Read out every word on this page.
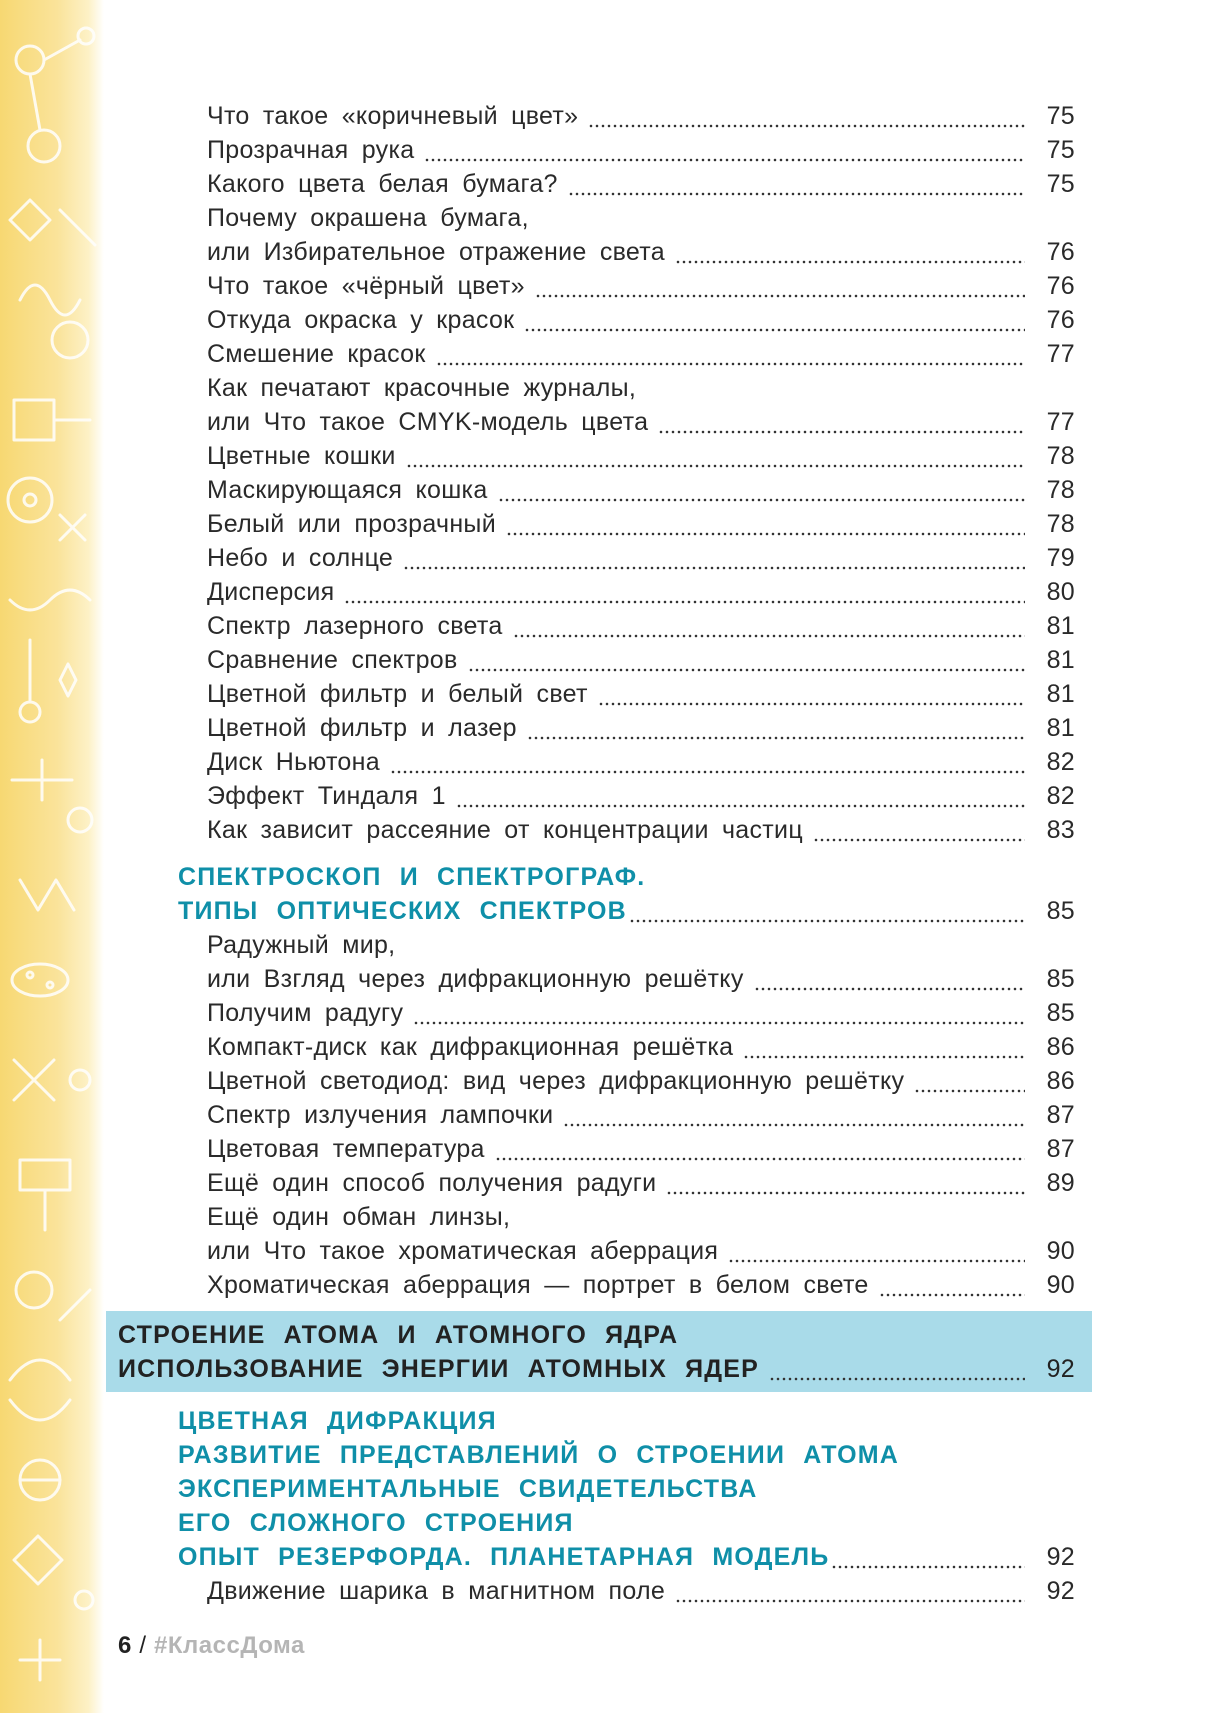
Что такое «коричневый цвет»	75
Прозрачная рука	75
Какого цвета белая бумага?	75
Почему окрашена бумага,
или Избирательное отражение света	76
Что такое «чёрный цвет»	76
Откуда окраска у красок	76
Смешение красок	77
Как печатают красочные журналы,
или Что такое CMYK-модель цвета	77
Цветные кошки	78
Маскирующаяся кошка	78
Белый или прозрачный	78
Небо и солнце	79
Дисперсия	80
Спектр лазерного света	81
Сравнение спектров	81
Цветной фильтр и белый свет	81
Цветной фильтр и лазер	81
Диск Ньютона	82
Эффект Тиндаля 1	82
Как зависит рассеяние от концентрации частиц	83
СПЕКТРОСКОП И СПЕКТРОГРАФ.
ТИПЫ ОПТИЧЕСКИХ СПЕКТРОВ	85
Радужный мир,
или Взгляд через дифракционную решётку	85
Получим радугу	85
Компакт-диск как дифракционная решётка	86
Цветной светодиод: вид через дифракционную решётку	86
Спектр излучения лампочки	87
Цветовая температура	87
Ещё один способ получения радуги	89
Ещё один обман линзы,
или Что такое хроматическая аберрация	90
Хроматическая аберрация — портрет в белом свете	90
СТРОЕНИЕ АТОМА И АТОМНОГО ЯДРА
ИСПОЛЬЗОВАНИЕ ЭНЕРГИИ АТОМНЫХ ЯДЕР	92
ЦВЕТНАЯ ДИФРАКЦИЯ
РАЗВИТИЕ ПРЕДСТАВЛЕНИЙ О СТРОЕНИИ АТОМА
ЭКСПЕРИМЕНТАЛЬНЫЕ СВИДЕТЕЛЬСТВА
ЕГО СЛОЖНОГО СТРОЕНИЯ
ОПЫТ РЕЗЕРФОРДА. ПЛАНЕТАРНАЯ МОДЕЛЬ	92
Движение шарика в магнитном поле	92
6 / #КлассДома
